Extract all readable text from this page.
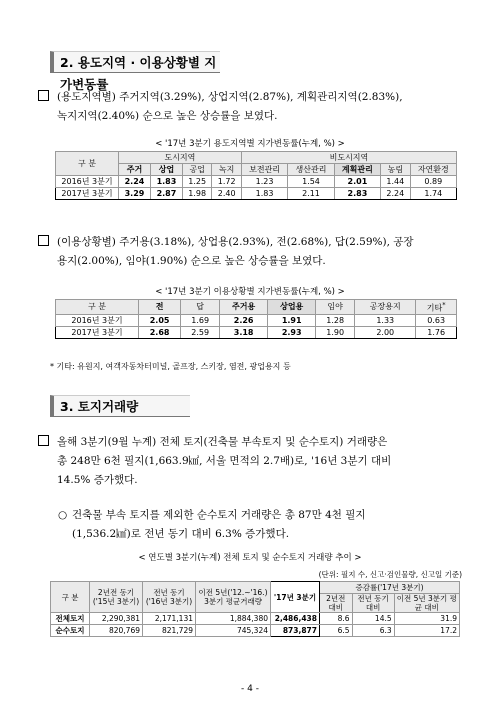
2. 용도지역 · 이용상황별 지가변동률
(용도지역별) 주거지역(3.29%), 상업지역(2.87%), 계획관리지역(2.83%),
녹지지역(2.40%) 순으로 높은 상승률을 보였다.
< '17년 3분기 용도지역별 지가변동률(누계, %) >
구 분	도시지역				비도시지역				
	주거	상업	공업	녹지	보전관리	생산관리	계획관리	농림	자연환경
2016년 3분기	2.24	1.83	1.25	1.72	1.23	1.54	2.01	1.44	0.89
2017년 3분기	3.29	2.87	1.98	2.40	1.83	2.11	2.83	2.24	1.74
(이용상황별) 주거용(3.18%), 상업용(2.93%), 전(2.68%), 답(2.59%), 공장
용지(2.00%), 임야(1.90%) 순으로 높은 상승률을 보였다.
< '17년 3분기 이용상황별 지가변동률(누계, %) >
구 분	전	답	주거용	상업용	임야	공장용지	기타*
2016년 3분기	2.05	1.69	2.26	1.91	1.28	1.33	0.63
2017년 3분기	2.68	2.59	3.18	2.93	1.90	2.00	1.76
* 기타: 유원지, 여객자동차터미널, 골프장, 스키장, 염전, 광업용지 등
3. 토지거래량
올해 3분기(9월 누계) 전체 토지(건축물 부속토지 및 순수토지) 거래량은
총 248만 6천 필지(1,663.9㎢, 서울 면적의 2.7배)로, '16년 3분기 대비
14.5% 증가했다.
○ 건축물 부속 토지를 제외한 순수토지 거래량은 총 87만 4천 필지
(1,536.2㎢)로 전년 동기 대비 6.3% 증가했다.
< 연도별 3분기(누계) 전체 토지 및 순수토지 거래량 추이 >
(단위: 필지 수, 신고·검인물량, 신고일 기준)
구 분	2년전 동기 ('15년 3분기)	전년 동기 ('16년 3분기)	이전 5년('12.~'16.) 3분기 평균거래량	'17년 3분기	증감률('17년 3분기)		
					2년전 대비	전년 동기 대비	이전 5년 3분기 평균 대비
전체토지	2,290,381	2,171,131	1,884,380	2,486,438	8.6	14.5	31.9
순수토지	820,769	821,729	745,324	873,877	6.5	6.3	17.2
- 4 -
